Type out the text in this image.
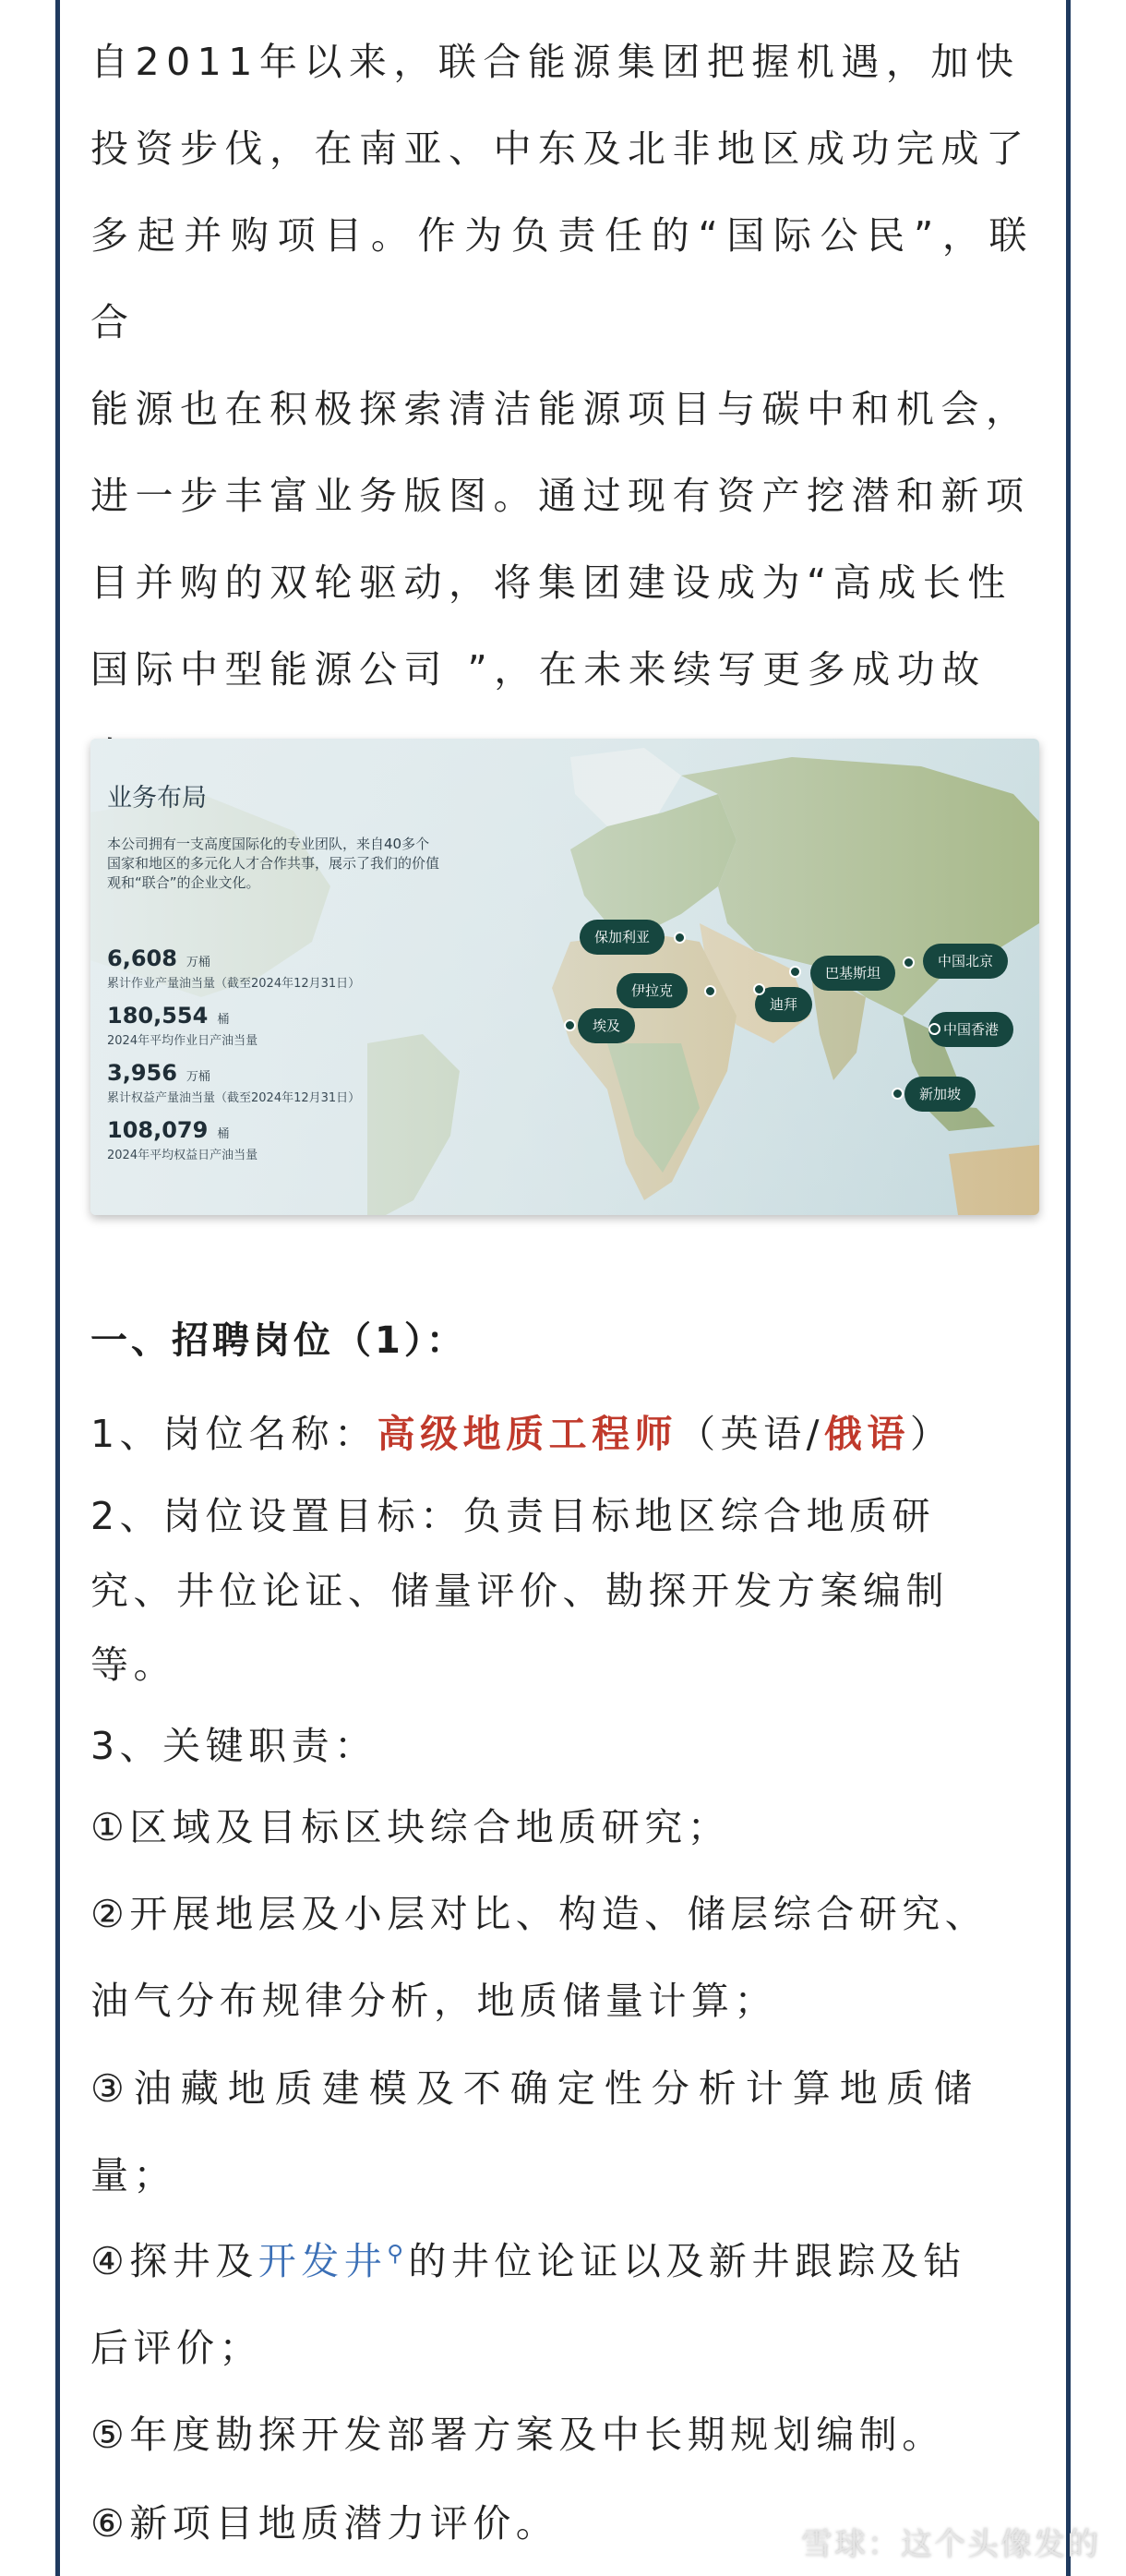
自2011年以来，联合能源集团把握机遇，加快
投资步伐，在南亚、中东及北非地区成功完成了
多起并购项目。作为负责任的“国际公民”，联合
能源也在积极探索清洁能源项目与碳中和机会，
进一步丰富业务版图。通过现有资产挖潜和新项
目并购的双轮驱动，将集团建设成为“高成长性
国际中型能源公司 ”，在未来续写更多成功故
业务布局
本公司拥有一支高度国际化的专业团队，来自40多个国家和地区的多元化人才合作共事，展示了我们的价值观和“联合”的企业文化。
6,608 万桶
累计作业产量油当量（截至2024年12月31日）
180,554 桶
2024年平均作业日产油当量
3,956 万桶
累计权益产量油当量（截至2024年12月31日）
108,079 桶
2024年平均权益日产油当量
保加利亚
伊拉克
埃及
巴基斯坦
迪拜
中国北京
中国香港
新加坡
一、招聘岗位（1）：
1、岗位名称：高级地质工程师（英语/俄语）
2、岗位设置目标：负责目标地区综合地质研
究、井位论证、储量评价、勘探开发方案编制
等。
3、关键职责：
①区域及目标区块综合地质研究；
②开展地层及小层对比、构造、储层综合研究、
油气分布规律分析，地质储量计算；
③油藏地质建模及不确定性分析计算地质储
量；
④探井及开发井⚲的井位论证以及新井跟踪及钻
后评价；
⑤年度勘探开发部署方案及中长期规划编制。
⑥新项目地质潜力评价。	雪球：这个头像发的
